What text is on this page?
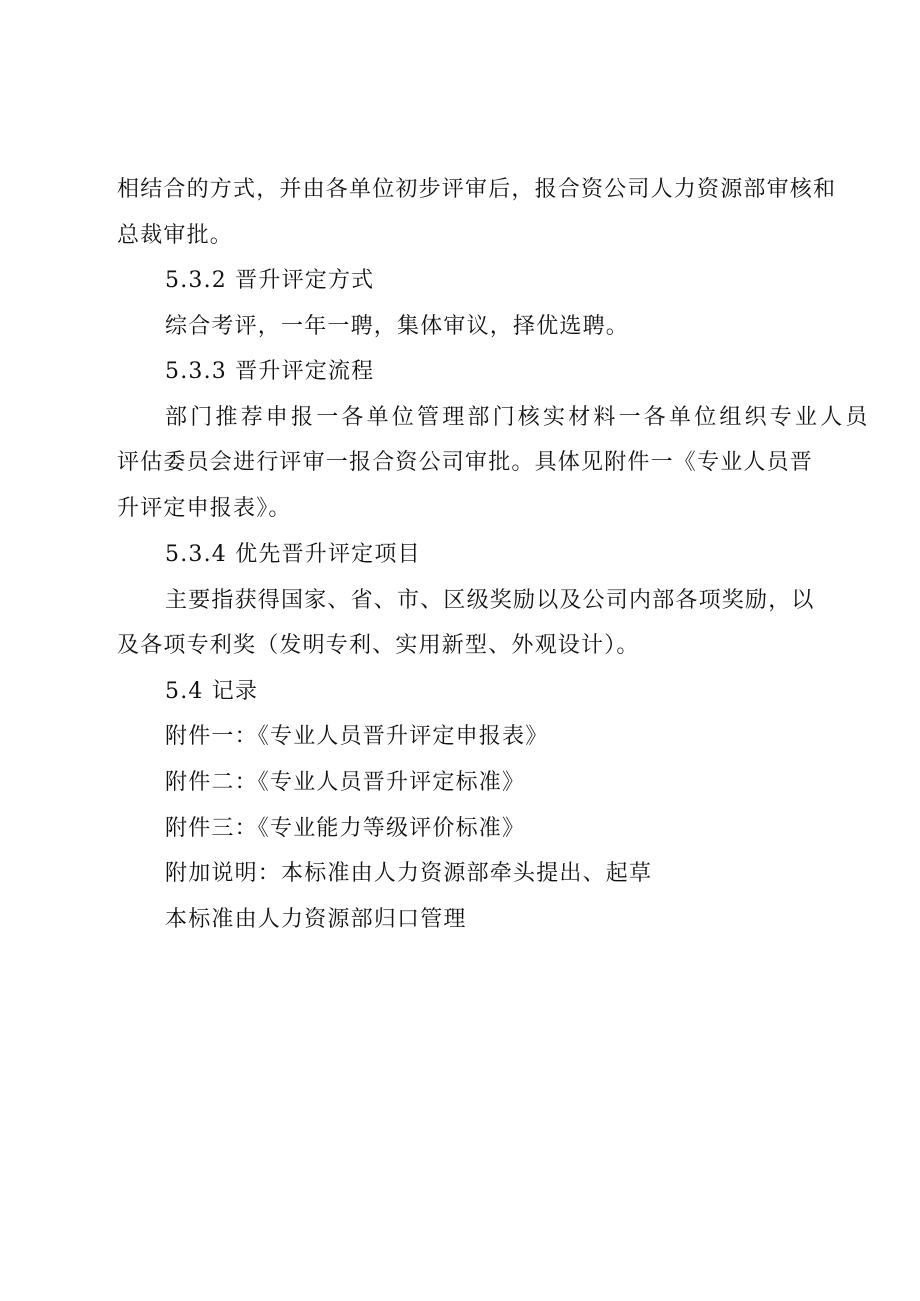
相结合的方式，并由各单位初步评审后，报合资公司人力资源部审核和
总裁审批。
5.3.2 晋升评定方式
综合考评，一年一聘，集体审议，择优选聘。
5.3.3 晋升评定流程
部门推荐申报一各单位管理部门核实材料一各单位组织专业人员
评估委员会进行评审一报合资公司审批。具体见附件一《专业人员晋
升评定申报表》。
5.3.4 优先晋升评定项目
主要指获得国家、省、市、区级奖励以及公司内部各项奖励，以
及各项专利奖（发明专利、实用新型、外观设计）。
5.4 记录
附件一：《专业人员晋升评定申报表》
附件二：《专业人员晋升评定标准》
附件三：《专业能力等级评价标准》
附加说明：本标准由人力资源部牵头提出、起草
本标准由人力资源部归口管理
